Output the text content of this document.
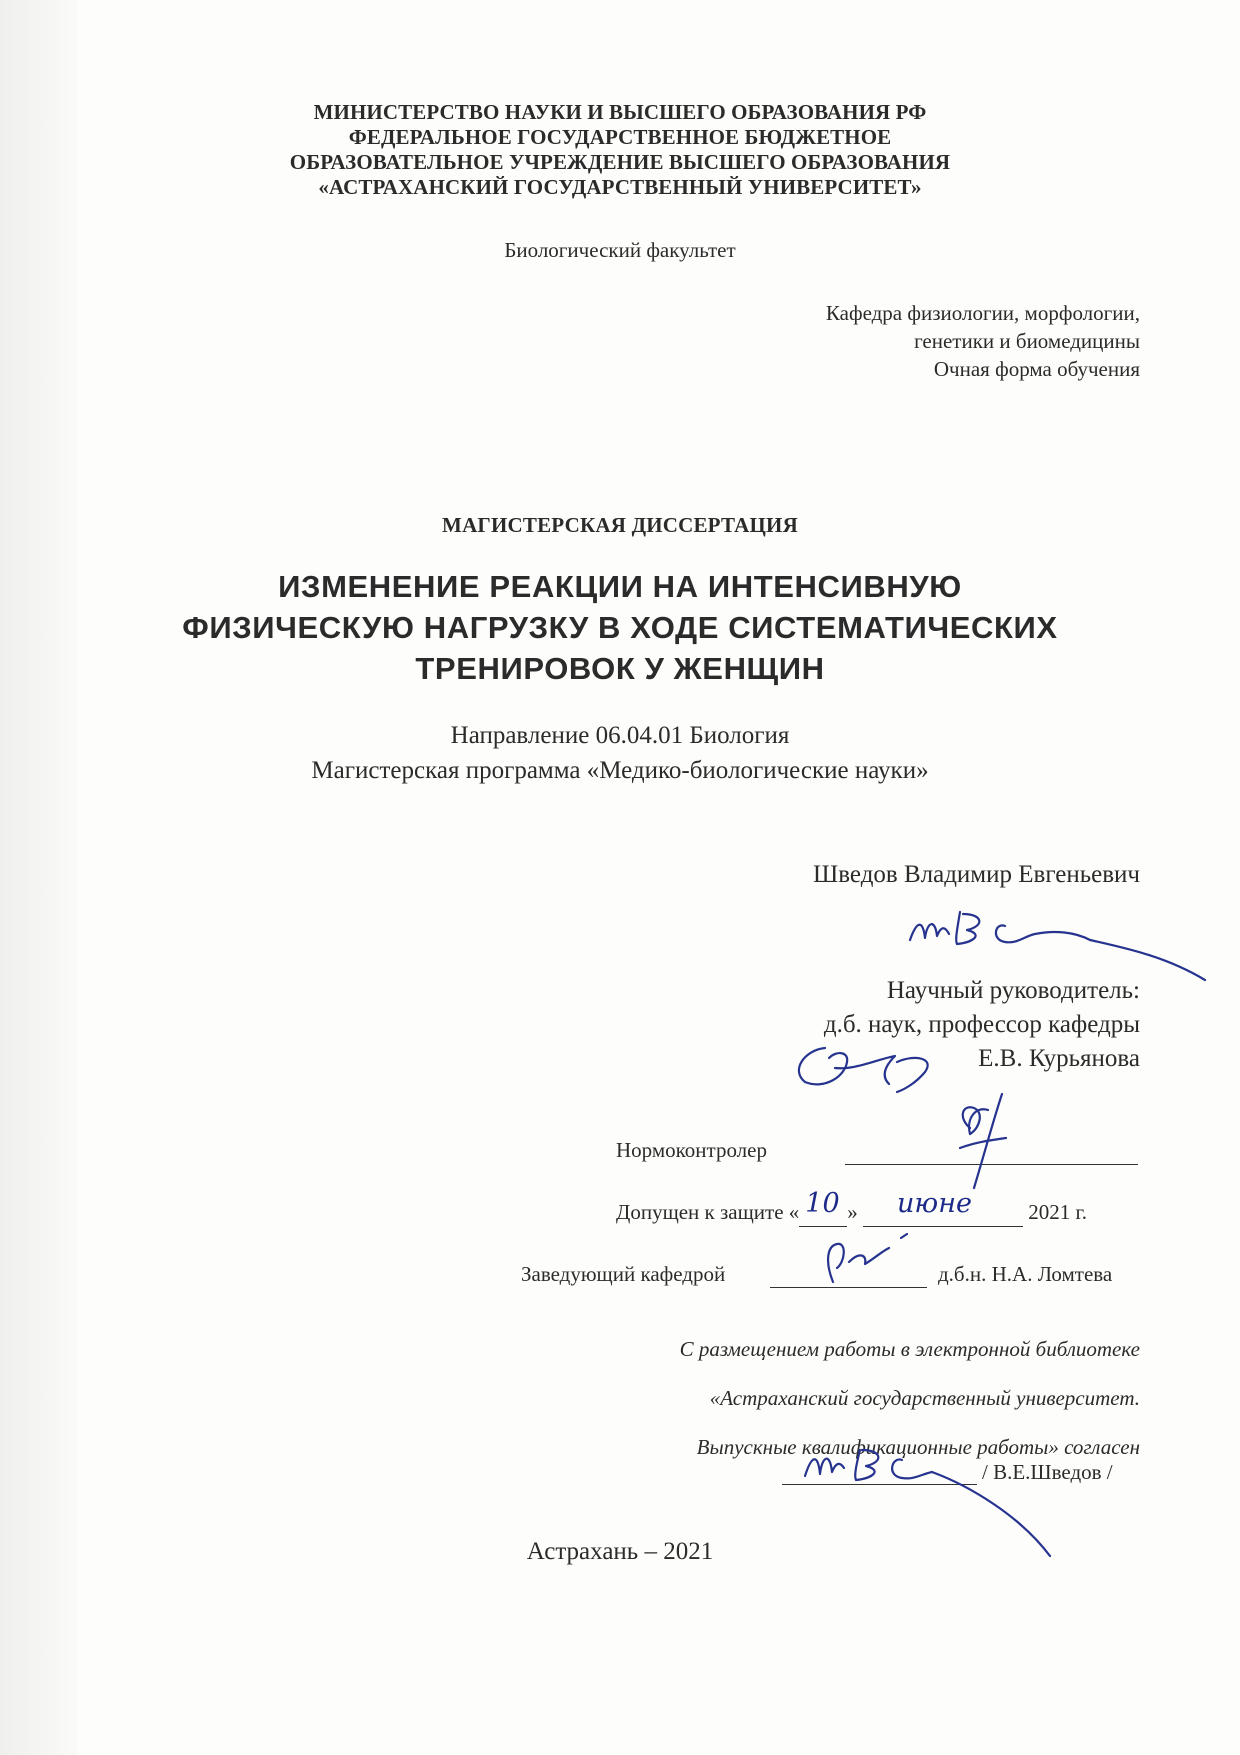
МИНИСТЕРСТВО НАУКИ И ВЫСШЕГО ОБРАЗОВАНИЯ РФ
ФЕДЕРАЛЬНОЕ ГОСУДАРСТВЕННОЕ БЮДЖЕТНОЕ
ОБРАЗОВАТЕЛЬНОЕ УЧРЕЖДЕНИЕ ВЫСШЕГО ОБРАЗОВАНИЯ
«АСТРАХАНСКИЙ ГОСУДАРСТВЕННЫЙ УНИВЕРСИТЕТ»
Биологический факультет
Кафедра физиологии, морфологии,
генетики и биомедицины
Очная форма обучения
МАГИСТЕРСКАЯ ДИССЕРТАЦИЯ
ИЗМЕНЕНИЕ РЕАКЦИИ НА ИНТЕНСИВНУЮ
ФИЗИЧЕСКУЮ НАГРУЗКУ В ХОДЕ СИСТЕМАТИЧЕСКИХ
ТРЕНИРОВОК У ЖЕНЩИН
Направление 06.04.01 Биология
Магистерская программа «Медико-биологические науки»
Шведов Владимир Евгеньевич
Научный руководитель:
д.б. наук, профессор кафедры
Е.В. Курьянова
Нормоконтролер
Допущен к защите « 10 » июне	2021 г.
Заведующий кафедрой	д.б.н. Н.А. Ломтева
С размещением работы в электронной библиотеке
«Астраханский государственный университет.
Выпускные квалификационные работы» согласен
/ В.Е.Шведов /
Астрахань – 2021
